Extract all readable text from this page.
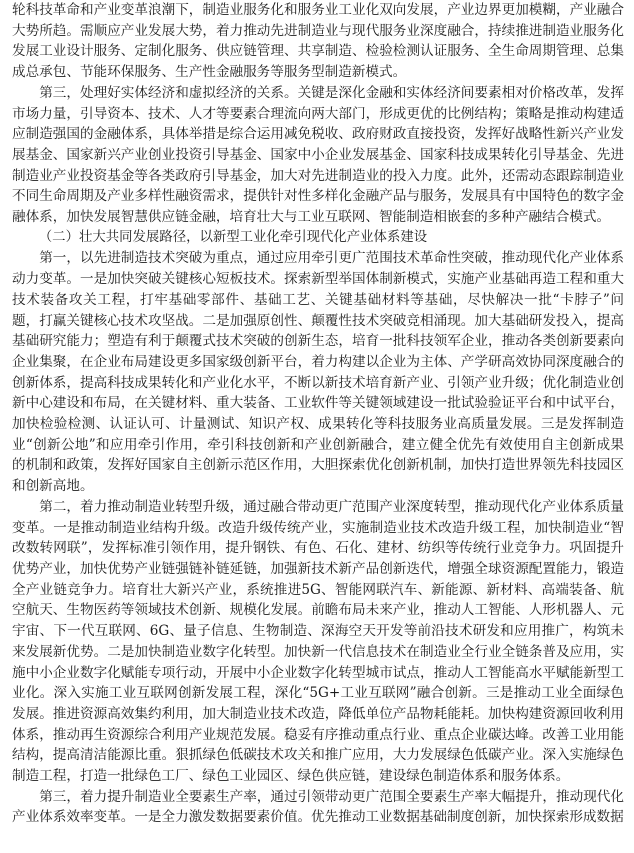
轮科技革命和产业变革浪潮下，制造业服务化和服务业工业化双向发展，产业边界更加模糊，产业融合大势所趋。需顺应产业发展大势，着力推动先进制造业与现代服务业深度融合，持续推进制造业服务化发展工业设计服务、定制化服务、供应链管理、共享制造、检验检测认证服务、全生命周期管理、总集成总承包、节能环保服务、生产性金融服务等服务型制造新模式。

第三，处理好实体经济和虚拟经济的关系。关键是深化金融和实体经济间要素相对价格改革，发挥市场力量，引导资本、技术、人才等要素合理流向两大部门，形成更优的比例结构；策略是推动构建适应制造强国的金融体系，具体举措是综合运用减免税收、政府财政直接投资，发挥好战略性新兴产业发展基金、国家新兴产业创业投资引导基金、国家中小企业发展基金、国家科技成果转化引导基金、先进制造业产业投资基金等各类政府引导基金，加大对先进制造业的投入力度。此外，还需动态跟踪制造业不同生命周期及产业多样性融资需求，提供针对性多样化金融产品与服务，发展具有中国特色的数字金融体系，加快发展智慧供应链金融，培育壮大与工业互联网、智能制造相嵌套的多种产融结合模式。

（二）壮大共同发展路径，以新型工业化牵引现代化产业体系建设

第一，以先进制造技术突破为重点，通过应用牵引更广范围技术革命性突破，推动现代化产业体系动力变革。一是加快突破关键核心短板技术。探索新型举国体制新模式，实施产业基础再造工程和重大技术装备攻关工程，打牢基础零部件、基础工艺、关键基础材料等基础，尽快解决一批“卡脖子”问题，打赢关键核心技术攻坚战。二是加强原创性、颠覆性技术突破竞相涌现。加大基础研发投入，提高基础研究能力；塑造有利于颠覆式技术突破的创新生态，培育一批科技领军企业，推动各类创新要素向企业集聚，在企业布局建设更多国家级创新平台，着力构建以企业为主体、产学研高效协同深度融合的创新体系，提高科技成果转化和产业化水平，不断以新技术培育新产业、引领产业升级；优化制造业创新中心建设和布局，在关键材料、重大装备、工业软件等关键领域建设一批试验验证平台和中试平台，加快检验检测、认证认可、计量测试、知识产权、成果转化等科技服务业高质量发展。三是发挥制造业“创新公地”和应用牵引作用，牵引科技创新和产业创新融合，建立健全优先有效使用自主创新成果的机制和政策，发挥好国家自主创新示范区作用，大胆探索优化创新机制，加快打造世界领先科技园区和创新高地。

第二，着力推动制造业转型升级，通过融合带动更广范围产业深度转型，推动现代化产业体系质量变革。一是推动制造业结构升级。改造升级传统产业，实施制造业技术改造升级工程，加快制造业“智改数转网联”，发挥标准引领作用，提升钢铁、有色、石化、建材、纺织等传统行业竞争力。巩固提升优势产业，加快优势产业链强链补链延链，加强新技术新产品创新迭代，增强全球资源配置能力，锻造全产业链竞争力。培育壮大新兴产业，系统推进5G、智能网联汽车、新能源、新材料、高端装备、航空航天、生物医药等领域技术创新、规模化发展。前瞻布局未来产业，推动人工智能、人形机器人、元宇宙、下一代互联网、6G、量子信息、生物制造、深海空天开发等前沿技术研发和应用推广，构筑未来发展新优势。二是加快制造业数字化转型。加快新一代信息技术在制造业全行业全链条普及应用，实施中小企业数字化赋能专项行动，开展中小企业数字化转型城市试点，推动人工智能高水平赋能新型工业化。深入实施工业互联网创新发展工程，深化“5G+工业互联网”融合创新。三是推动工业全面绿色发展。推进资源高效集约利用，加大制造业技术改造，降低单位产品物耗能耗。加快构建资源回收利用体系，推动再生资源综合利用产业规范发展。稳妥有序推动重点行业、重点企业碳达峰。改善工业用能结构，提高清洁能源比重。狠抓绿色低碳技术攻关和推广应用，大力发展绿色低碳产业。深入实施绿色制造工程，打造一批绿色工厂、绿色工业园区、绿色供应链，建设绿色制造体系和服务体系。

第三，着力提升制造业全要素生产率，通过引领带动更广范围全要素生产率大幅提升，推动现代化产业体系效率变革。一是全力激发数据要素价值。优先推动工业数据基础制度创新，加快探索形成数据
